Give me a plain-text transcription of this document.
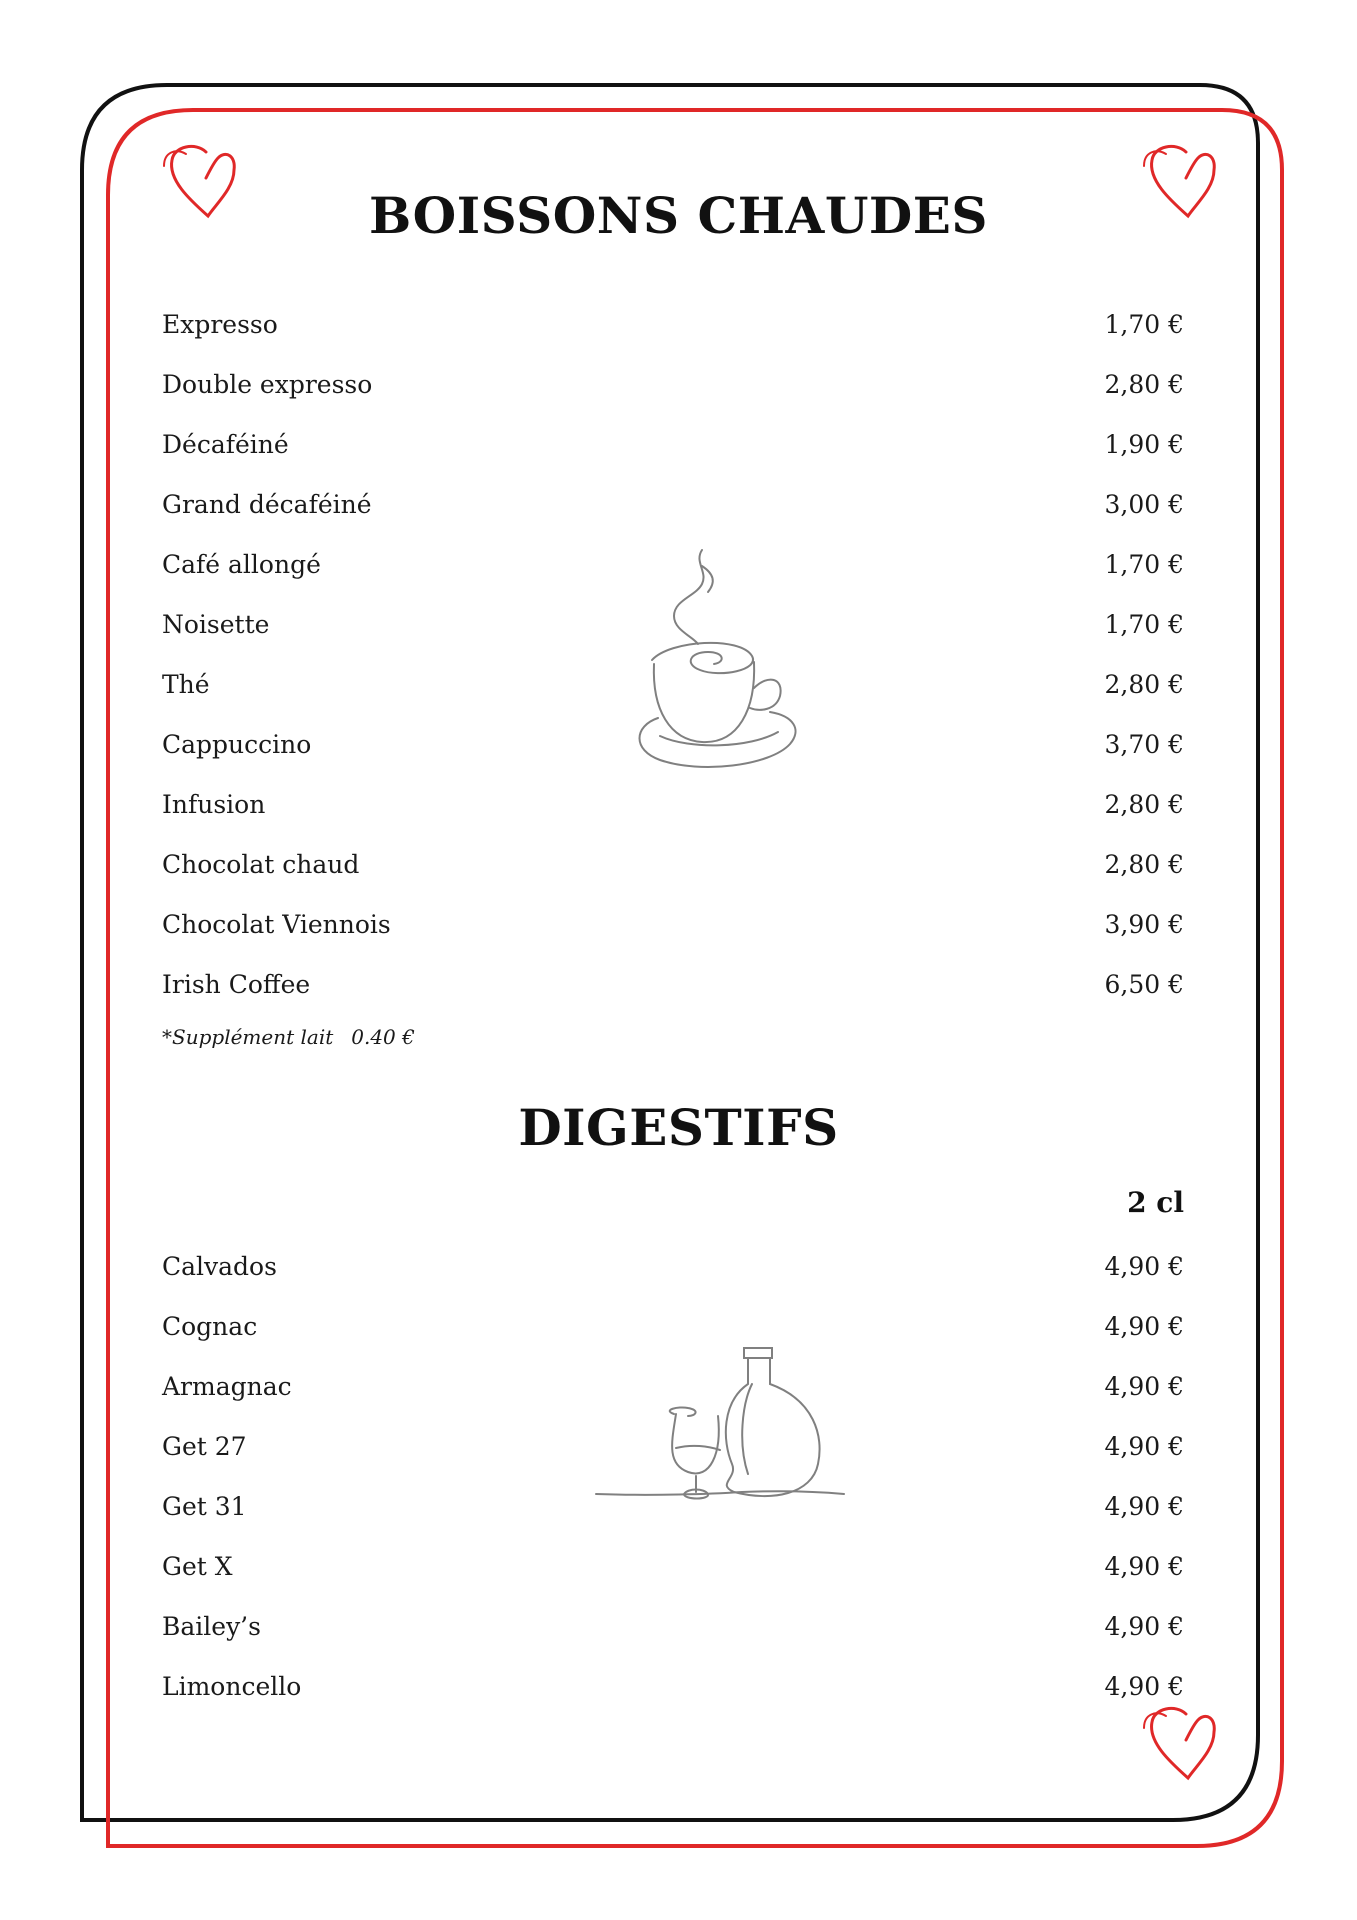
BOISSONS CHAUDES
Expresso	1,70 €
Double expresso	2,80 €
Décaféiné	1,90 €
Grand décaféiné	3,00 €
Café allongé	1,70 €
Noisette	1,70 €
Thé	2,80 €
Cappuccino	3,70 €
Infusion	2,80 €
Chocolat chaud	2,80 €
Chocolat Viennois	3,90 €
Irish Coffee	6,50 €
*Supplément lait 0.40 €
DIGESTIFS
2 cl
Calvados	4,90 €
Cognac	4,90 €
Armagnac	4,90 €
Get 27	4,90 €
Get 31	4,90 €
Get X	4,90 €
Bailey’s	4,90 €
Limoncello	4,90 €
